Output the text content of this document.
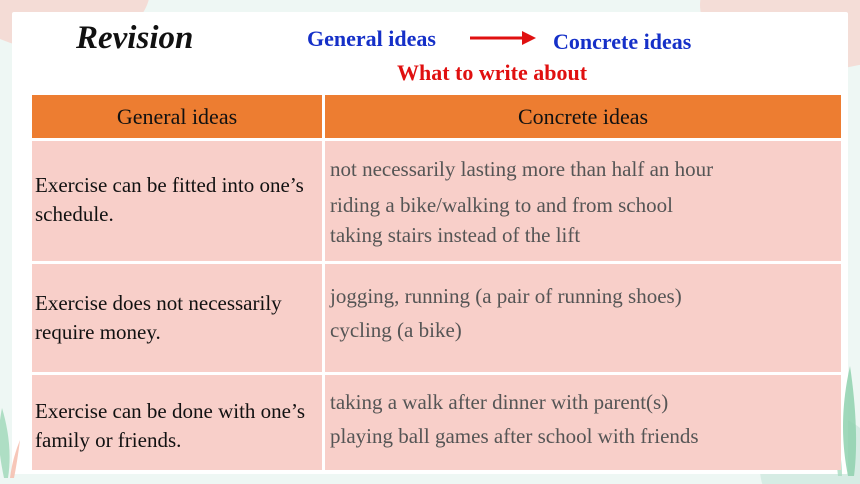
Revision	General ideas	Concrete ideas
What to write about
General ideas	Concrete ideas

Exercise can be fitted into one’s schedule.	not necessarily lasting more than half an hour
riding a bike/walking to and from school
taking stairs instead of the lift

Exercise does not necessarily require money.	jogging, running (a pair of running shoes)
cycling (a bike)

Exercise can be done with one’s family or friends.	taking a walk after dinner with parent(s)
playing ball games after school with friends
